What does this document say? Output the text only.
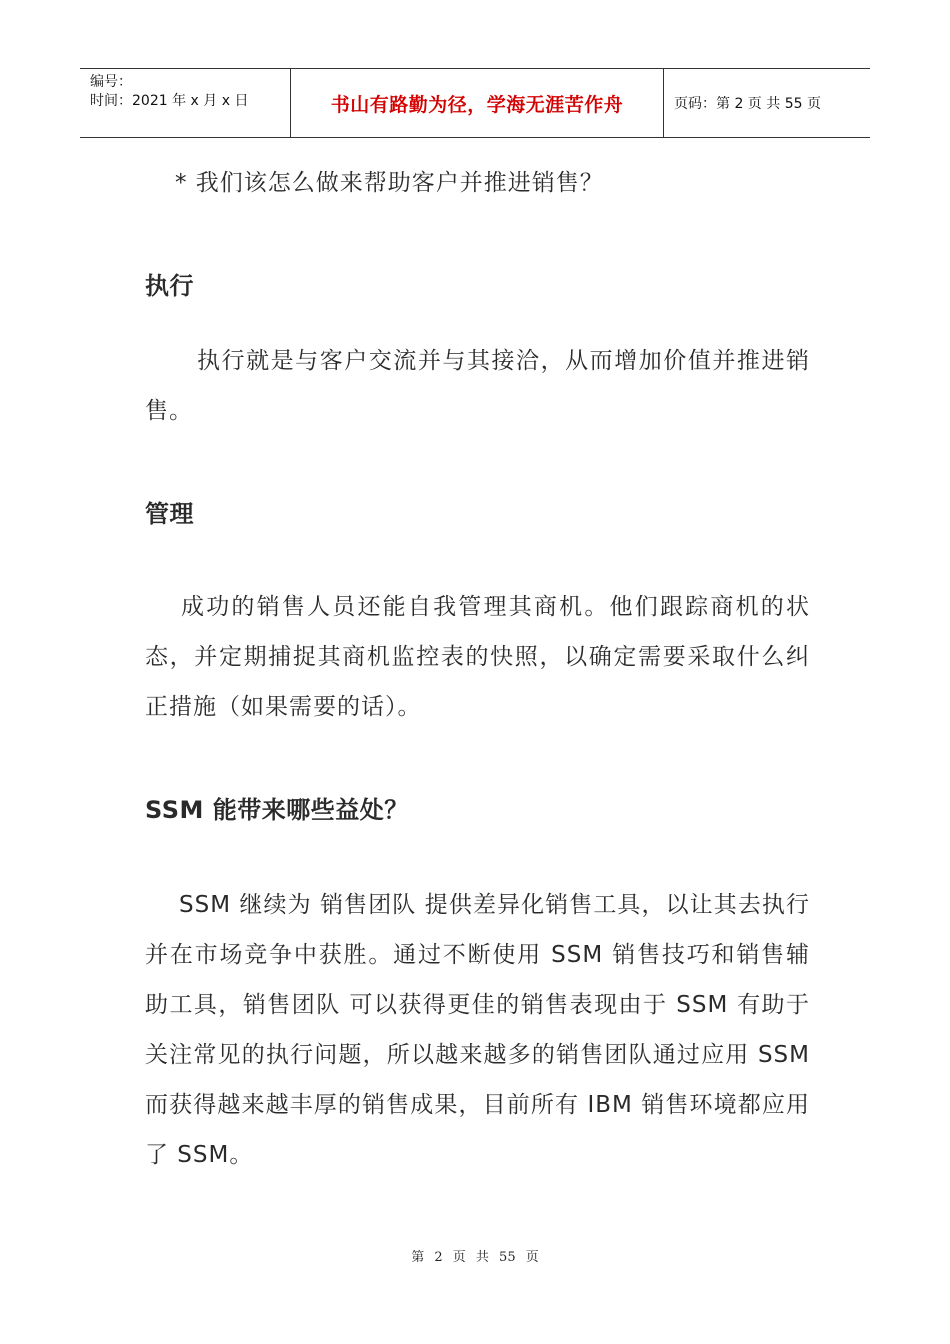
编号：
时间：2021 年 x 月 x 日	书山有路勤为径，学海无涯苦作舟	页码：第 2 页 共 55 页
* 我们该怎么做来帮助客户并推进销售？
执行
执行就是与客户交流并与其接洽，从而增加价值并推进销售。
管理
成功的销售人员还能自我管理其商机。他们跟踪商机的状态，并定期捕捉其商机监控表的快照，以确定需要采取什么纠正措施（如果需要的话）。
SSM 能带来哪些益处？
SSM 继续为 销售团队 提供差异化销售工具，以让其去执行并在市场竞争中获胜。通过不断使用 SSM 销售技巧和销售辅助工具，销售团队 可以获得更佳的销售表现由于 SSM 有助于关注常见的执行问题，所以越来越多的销售团队通过应用 SSM 而获得越来越丰厚的销售成果，目前所有 IBM 销售环境都应用了 SSM。
第 2 页 共 55 页
